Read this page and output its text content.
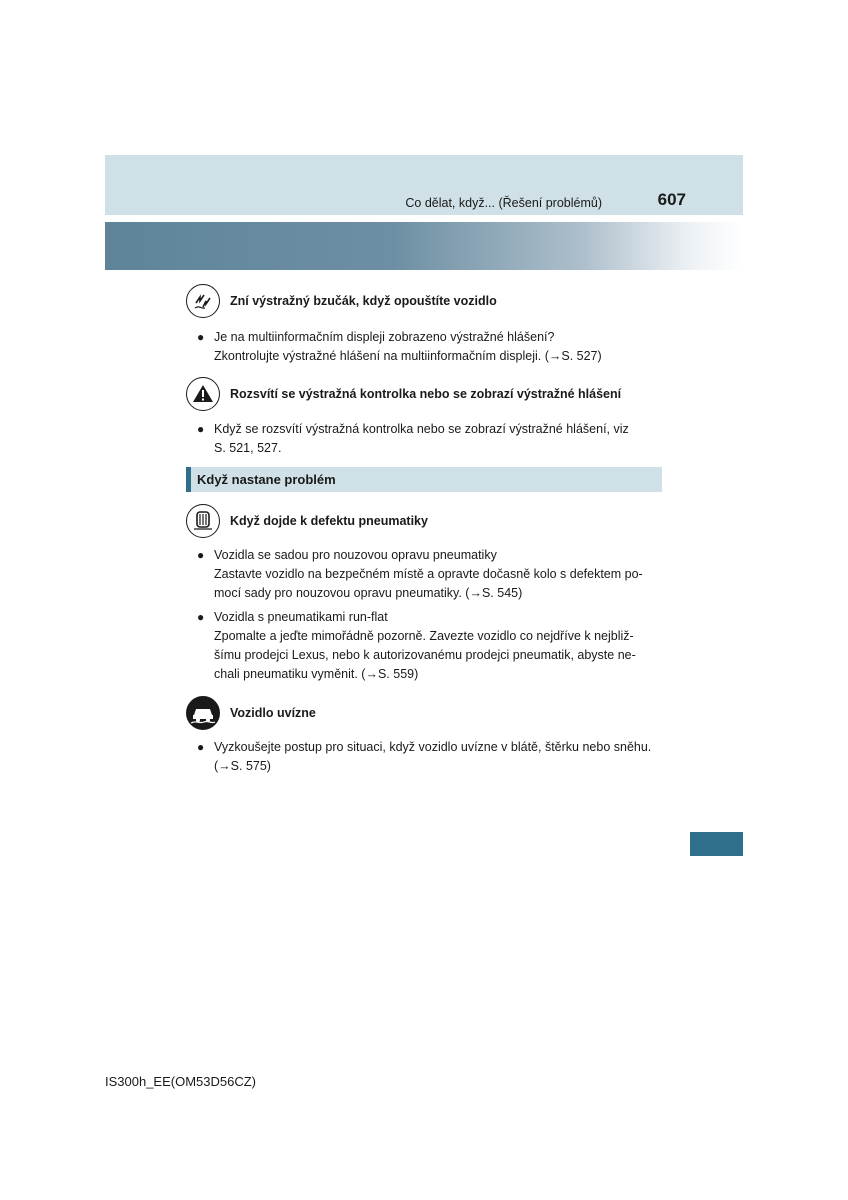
Co dělat, když... (Řešení problémů)	607
Zní výstražný bzučák, když opouštíte vozidlo
● Je na multiinformačním displeji zobrazeno výstražné hlášení?
Zkontrolujte výstražné hlášení na multiinformačním displeji. (→S. 527)
Rozsvítí se výstražná kontrolka nebo se zobrazí výstražné hlášení
● Když se rozsvítí výstražná kontrolka nebo se zobrazí výstražné hlášení, viz
S. 521, 527.
Když nastane problém
Když dojde k defektu pneumatiky
● Vozidla se sadou pro nouzovou opravu pneumatiky
Zastavte vozidlo na bezpečném místě a opravte dočasně kolo s defektem po-
mocí sady pro nouzovou opravu pneumatiky. (→S. 545)
● Vozidla s pneumatikami run-flat
Zpomalte a jeďte mimořádně pozorně. Zavezte vozidlo co nejdříve k nejbliž-
šímu prodejci Lexus, nebo k autorizovanému prodejci pneumatik, abyste ne-
chali pneumatiku vyměnit. (→S. 559)
Vozidlo uvízne
● Vyzkoušejte postup pro situaci, když vozidlo uvízne v blátě, štěrku nebo sněhu.
(→S. 575)
IS300h_EE(OM53D56CZ)
